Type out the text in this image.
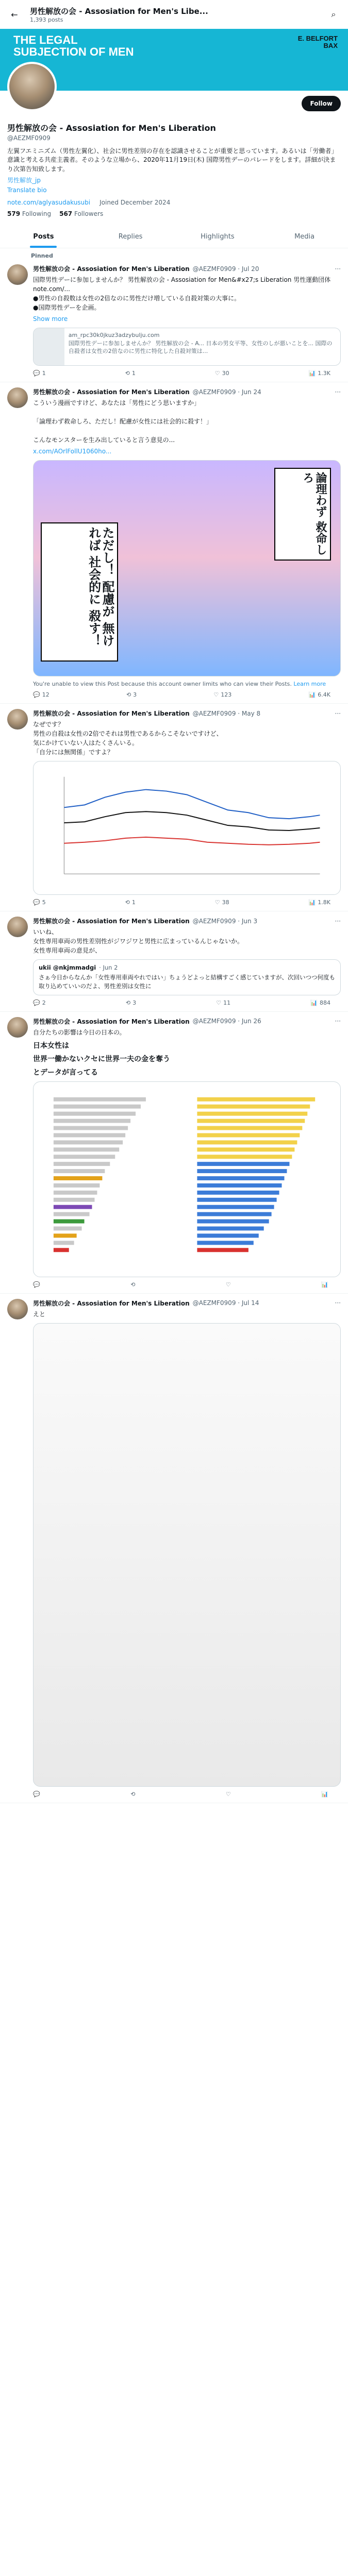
←	男性解放の会 - Assosiation for Men's Libe...
1,393 posts
⌕
THE LEGAL
SUBJECTION OF MEN
E. BELFORT
BAX
Follow
男性解放の会 - Assosiation for Men's Liberation
@AEZMF0909
左翼フエミニズム（男性左翼化）、社会に男性差別の存在を認識させることが重要と思っています。あるいは「労働者」意識と考える共産主義者。そのような立場から、2020年11月19日(木) 国際男性デーのパレードをします。詳細が決まり次第告知致します。
男性解放_jp
Translate bio
note.com/aglyasudakusubi Joined December 2024
579 Following 567 Followers
Posts	Replies	Highlights	Media
Pinned
男性解放の会 - Assosiation for Men's Liberation @AEZMF0909 · Jul 20	···
国際男性デーに参加しませんか？ 男性解放の会 - Assosiation for Men&#x27;s Liberation 男性運動団体 note.com/...
●男性の自殺数は女性の2倍なのに男性だけ増している自殺対策の大事に。
●国際男性デーを企画。
Show more
am_rpc30k0jkuz3adzybulju.com
国際男性デーに参加しませんか？ 男性解放の会 - A... 日本の男女平等、女性のしが悪いことを... 国際の自殺者は女性の2倍なのに男性に特化した自殺対策は...
💬 1	⟲ 1	♡ 30	📊 1.3K
男性解放の会 - Assosiation for Men's Liberation @AEZMF0909 · Jun 24	···
こういう漫画ですけど、あなたは「男性にどう思いますか」

「論理わず救命しろ、ただし！配慮が女性には社会的に殺す！」

こんなモンスターを生み出していると言う意見の...
x.com/AOrlFollU1060ho...
論理わず 救命しろ
ただし！ 配慮が 無ければ 社会的に 殺す！
You're unable to view this Post because this account owner limits who can view their Posts. Learn more
💬 12	⟲ 3	♡ 123	📊 6.4K
男性解放の会 - Assosiation for Men's Liberation @AEZMF0909 · May 8	···
なぜです？
男性の自殺は女性の2倍でそれは男性であるからこそないですけど、
気にかけていない人はたくさんいる。
「自分には無関係」ですよ？
💬 5	⟲ 1	♡ 38	📊 1.8K
男性解放の会 - Assosiation for Men's Liberation @AEZMF0909 · Jun 3	···
いいね、
女性専用車両の男性差別性がジワジワと男性に広まっているんじゃないか。
女性専用車両の意見が、
ukii @nkjmmadgi · Jun 2
さぁ今日からなんか「女性専用車両やれではい」ちょうどよっと結構すごく感じていますが、次回いつつ何度も取り込めていいのだよ、男性差別は女性に
💬 2	⟲ 3	♡ 11	📊 884
男性解放の会 - Assosiation for Men's Liberation @AEZMF0909 · Jun 26	···
自分たちの影響は今日の日本の。
日本女性は
世界一働かないクセに世界一夫の金を奪う
とデータが言ってる
💬	⟲	♡	📊
男性解放の会 - Assosiation for Men's Liberation @AEZMF0909 · Jul 14	···
えと
💬	⟲	♡	📊
